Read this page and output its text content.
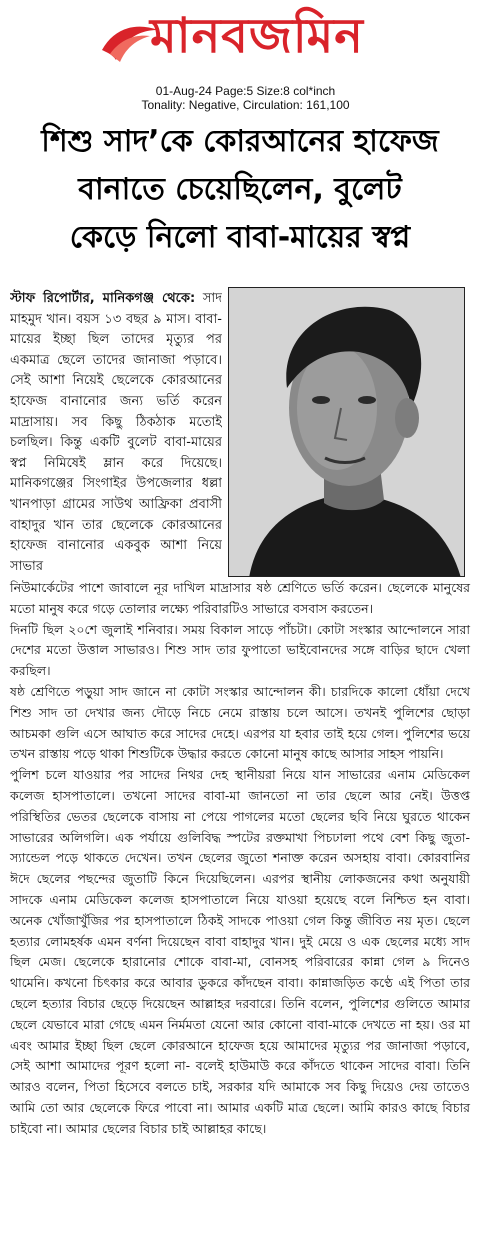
মানবজমিন
01-Aug-24 Page:5 Size:8 col*inch
Tonality: Negative, Circulation: 161,100
শিশু সাদ’কে কোরআনের হাফেজ
বানাতে চেয়েছিলেন, বুলেট
কেড়ে নিলো বাবা-মায়ের স্বপ্ন

স্টাফ রিপোর্টার, মানিকগঞ্জ থেকে: সাদ মাহমুদ খান। বয়স ১৩ বছর ৯ মাস। বাবা-মায়ের ইচ্ছা ছিল তাদের মৃত্যুর পর একমাত্র ছেলে তাদের জানাজা পড়াবে। সেই আশা নিয়েই ছেলেকে কোরআনের হাফেজ বানানোর জন্য ভর্তি করেন মাদ্রাসায়। সব কিছু ঠিকঠাক মতোই চলছিল। কিন্তু একটি বুলেট বাবা-মায়ের স্বপ্ন নিমিষেই ম্লান করে দিয়েছে। মানিকগঞ্জের সিংগাইর উপজেলার ধল্লা খানপাড়া গ্রামের সাউথ আফ্রিকা প্রবাসী বাহাদুর খান তার ছেলেকে কোরআনের হাফেজ বানানোর একবুক আশা নিয়ে সাভার

নিউমার্কেটের পাশে জাবালে নূর দাখিল মাদ্রাসার ষষ্ঠ শ্রেণিতে ভর্তি করেন। ছেলেকে মানুষের মতো মানুষ করে গড়ে তোলার লক্ষ্যে পরিবারটিও সাভারে বসবাস করতেন।

দিনটি ছিল ২০শে জুলাই শনিবার। সময় বিকাল সাড়ে পাঁচটা। কোটা সংস্কার আন্দোলনে সারা দেশের মতো উত্তাল সাভারও। শিশু সাদ তার ফুপাতো ভাইবোনদের সঙ্গে বাড়ির ছাদে খেলা করছিল।

ষষ্ঠ শ্রেণিতে পড়ুয়া সাদ জানে না কোটা সংস্কার আন্দোলন কী। চারদিকে কালো ধোঁয়া দেখে শিশু সাদ তা দেখার জন্য দৌড়ে নিচে নেমে রাস্তায় চলে আসে। তখনই পুলিশের ছোড়া আচমকা গুলি এসে আঘাত করে সাদের দেহে। এরপর যা হবার তাই হয়ে গেল। পুলিশের ভয়ে তখন রাস্তায় পড়ে থাকা শিশুটিকে উদ্ধার করতে কোনো মানুষ কাছে আসার সাহস পায়নি।

পুলিশ চলে যাওয়ার পর সাদের নিথর দেহ স্থানীয়রা নিয়ে যান সাভারের এনাম মেডিকেল কলেজ হাসপাতালে। তখনো সাদের বাবা-মা জানতো না তার ছেলে আর নেই। উত্তপ্ত পরিস্থিতির ভেতর ছেলেকে বাসায় না পেয়ে পাগলের মতো ছেলের ছবি নিয়ে ঘুরতে থাকেন সাভারের অলিগলি। এক পর্যায়ে গুলিবিদ্ধ স্পটের রক্তমাখা পিচঢালা পথে বেশ কিছু জুতা-স্যান্ডেল পড়ে থাকতে দেখেন। তখন ছেলের জুতো শনাক্ত করেন অসহায় বাবা। কোরবানির ঈদে ছেলের পছন্দের জুতাটি কিনে দিয়েছিলেন। এরপর স্থানীয় লোকজনের কথা অনুযায়ী সাদকে এনাম মেডিকেল কলেজ হাসপাতালে নিয়ে যাওয়া হয়েছে বলে নিশ্চিত হন বাবা। অনেক খোঁজাখুঁজির পর হাসপাতালে ঠিকই সাদকে পাওয়া গেল কিন্তু জীবিত নয় মৃত। ছেলে হত্যার লোমহর্ষক এমন বর্ণনা দিয়েছেন বাবা বাহাদুর খান। দুই মেয়ে ও এক ছেলের মধ্যে সাদ ছিল মেজ। ছেলেকে হারানোর শোকে বাবা-মা, বোনসহ পরিবারের কান্না গেল ৯ দিনেও থামেনি। কখনো চিৎকার করে আবার ডুকরে কাঁদছেন বাবা। কান্নাজড়িত কণ্ঠে এই পিতা তার ছেলে হত্যার বিচার ছেড়ে দিয়েছেন আল্লাহর দরবারে। তিনি বলেন, পুলিশের গুলিতে আমার ছেলে যেভাবে মারা গেছে এমন নির্মমতা যেনো আর কোনো বাবা-মাকে দেখতে না হয়। ওর মা এবং আমার ইচ্ছা ছিল ছেলে কোরআনে হাফেজ হয়ে আমাদের মৃত্যুর পর জানাজা পড়াবে, সেই আশা আমাদের পূরণ হলো না- বলেই হাউমাউ করে কাঁদতে থাকেন সাদের বাবা। তিনি আরও বলেন, পিতা হিসেবে বলতে চাই, সরকার যদি আমাকে সব কিছু দিয়েও দেয় তাতেও আমি তো আর ছেলেকে ফিরে পাবো না। আমার একটি মাত্র ছেলে। আমি কারও কাছে বিচার চাইবো না। আমার ছেলের বিচার চাই আল্লাহর কাছে।
